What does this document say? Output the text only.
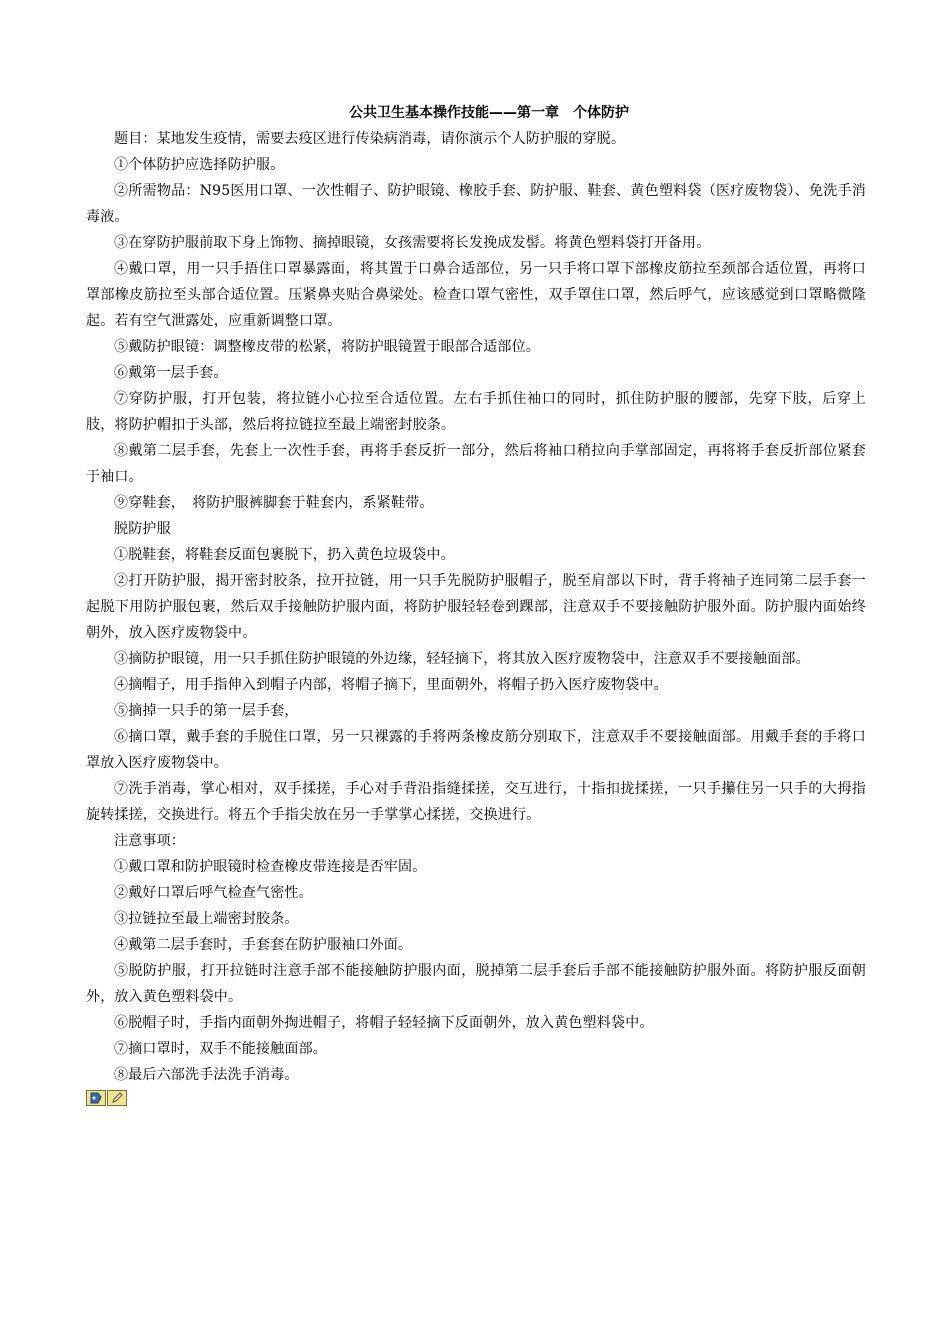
公共卫生基本操作技能——第一章　个体防护

题目：某地发生疫情，需要去疫区进行传染病消毒，请你演示个人防护服的穿脱。

①个体防护应选择防护服。

②所需物品：N95医用口罩、一次性帽子、防护眼镜、橡胶手套、防护服、鞋套、黄色塑料袋（医疗废物袋）、免洗手消毒液。

③在穿防护服前取下身上饰物、摘掉眼镜，女孩需要将长发挽成发髻。将黄色塑料袋打开备用。

④戴口罩，用一只手捂住口罩暴露面，将其置于口鼻合适部位，另一只手将口罩下部橡皮筋拉至颈部合适位置，再将口罩部橡皮筋拉至头部合适位置。压紧鼻夹贴合鼻梁处。检查口罩气密性，双手罩住口罩，然后呼气，应该感觉到口罩略微隆起。若有空气泄露处，应重新调整口罩。

⑤戴防护眼镜：调整橡皮带的松紧，将防护眼镜置于眼部合适部位。

⑥戴第一层手套。

⑦穿防护服，打开包装，将拉链小心拉至合适位置。左右手抓住袖口的同时，抓住防护服的腰部，先穿下肢，后穿上肢，将防护帽扣于头部，然后将拉链拉至最上端密封胶条。

⑧戴第二层手套，先套上一次性手套，再将手套反折一部分，然后将袖口稍拉向手掌部固定，再将将手套反折部位紧套于袖口。

⑨穿鞋套，　将防护服裤脚套于鞋套内，系紧鞋带。

脱防护服

①脱鞋套，将鞋套反面包裹脱下，扔入黄色垃圾袋中。

②打开防护服，揭开密封胶条，拉开拉链，用一只手先脱防护服帽子，脱至肩部以下时，背手将袖子连同第二层手套一起脱下用防护服包裹，然后双手接触防护服内面，将防护服轻轻卷到踝部，注意双手不要接触防护服外面。防护服内面始终朝外，放入医疗废物袋中。

③摘防护眼镜，用一只手抓住防护眼镜的外边缘，轻轻摘下，将其放入医疗废物袋中，注意双手不要接触面部。

④摘帽子，用手指伸入到帽子内部，将帽子摘下，里面朝外，将帽子扔入医疗废物袋中。

⑤摘掉一只手的第一层手套，

⑥摘口罩，戴手套的手脱住口罩，另一只裸露的手将两条橡皮筋分别取下，注意双手不要接触面部。用戴手套的手将口罩放入医疗废物袋中。

⑦洗手消毒，掌心相对，双手揉搓，手心对手背沿指缝揉搓，交互进行，十指扣拢揉搓，一只手攥住另一只手的大拇指旋转揉搓，交换进行。将五个手指尖放在另一手掌掌心揉搓，交换进行。

注意事项：

①戴口罩和防护眼镜时检查橡皮带连接是否牢固。

②戴好口罩后呼气检查气密性。

③拉链拉至最上端密封胶条。

④戴第二层手套时，手套套在防护服袖口外面。

⑤脱防护服，打开拉链时注意手部不能接触防护服内面，脱掉第二层手套后手部不能接触防护服外面。将防护服反面朝外，放入黄色塑料袋中。

⑥脱帽子时，手指内面朝外掏进帽子，将帽子轻轻摘下反面朝外，放入黄色塑料袋中。

⑦摘口罩时，双手不能接触面部。

⑧最后六部洗手法洗手消毒。
